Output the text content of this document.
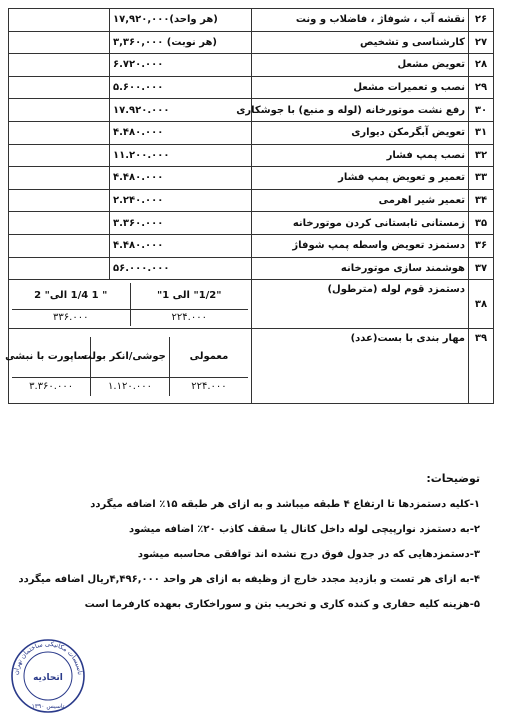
۲۶	نقشه آب ، شوفاژ ، فاضلاب و ونت	۱۷,۹۲۰,۰۰۰(هر واحد)	
۲۷	کارشناسی و تشخیص	۳,۳۶۰,۰۰۰ (هر نوبت)	
۲۸	تعویض مشعل	۶.۷۲۰.۰۰۰	
۲۹	نصب و تعمیرات مشعل	۵.۶۰۰.۰۰۰	
۳۰	رفع نشت موتورخانه (لوله و منبع) با جوشکاری	۱۷.۹۲۰.۰۰۰	
۳۱	تعویض آبگرمکن دیواری	۴.۴۸۰.۰۰۰	
۳۲	نصب پمپ فشار	۱۱.۲۰۰.۰۰۰	
۳۳	تعمیر و تعویض پمپ فشار	۴.۴۸۰.۰۰۰	
۳۴	تعمیر شیر اهرمی	۲.۲۴۰.۰۰۰	
۳۵	زمستانی تابستانی کردن موتورخانه	۳.۳۶۰.۰۰۰	
۳۶	دستمزد تعویض واسطه پمپ شوفاژ	۴.۴۸۰.۰۰۰	
۳۷	هوشمند سازی موتورخانه	۵۶.۰۰۰.۰۰۰	
۳۸	دستمزد قوم لوله (مترطول)	
"1/2" الی 1"	" 1 1/4 الی" 2
۲۲۴.۰۰۰	۳۳۶.۰۰۰

۳۹	مهار بندی با بست(عدد)	
معمولی	جوشی/انکر بولت	ساپورت با نبشی
۲۲۴.۰۰۰	۱.۱۲۰.۰۰۰	۳.۳۶۰.۰۰۰
توضیحات:
۱-کلیه دستمزدها تا ارتفاع ۴ طبقه میباشد و به ازای هر طبقه ۱۵٪ اضافه میگردد
۲-به دستمزد نوارپیچی لوله داخل کانال یا سقف کاذب ۲۰٪ اضافه میشود
۳-دستمزدهایی که در جدول فوق درج نشده اند توافقی محاسبه میشود
۴-به ازای هر تست و بازدید مجدد خارج از وظیفه به ازای هر واحد ۴,۴۹۶,۰۰۰ريال اضافه میگردد
۵-هزینه کلیه حفاری و کنده کاری و تخریب بتن و سوراخکاری بعهده کارفرما است
تاسیسات مکانیکی ساختمان تهران
اتحادیه
تاسیس ۱۳۹۰
